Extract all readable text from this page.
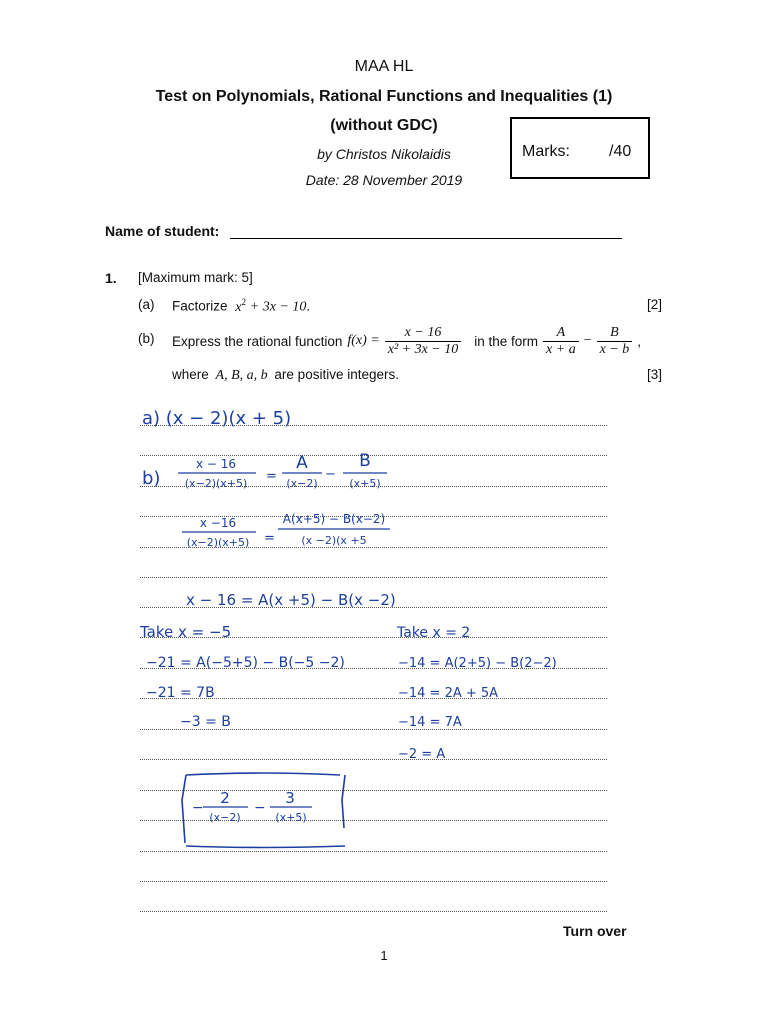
MAA HL
Test on Polynomials, Rational Functions and Inequalities (1)
(without GDC)
by Christos Nikolaidis
Date: 28 November 2019
Marks: /40
Name of student:
1. [Maximum mark: 5]
(a) Factorize $x^2 + 3x - 10$.	[2]
(b) Express the rational function $f(x) = \frac{x - 16}{\text{x² + 3x − 10}}$ in the form $\frac{A}{x + a} - \frac{B}{x - b}$ ,
where A, B, a, b are positive integers.	[3]
a) (x − 2)(x + 5)
b)
x − 16
(x−2)(x+5) =
A
(x−2)
−
B
(x+5)
x −16
(x−2)(x+5) =
A(x+5) − B(x−2)
(x −2)(x +5
x − 16 = A(x +5) − B(x −2)
Take x = −5	Take x = 2
−21 = A(−5+5) − B(−5 −2)
−21 = 7B
−3 = B
−14 = A(2+5) − B(2−2)
−14 = 2A + 5A
−14 = 7A
−2 = A
−
2
(x−2)
−
3
(x+5)
Turn over
1
